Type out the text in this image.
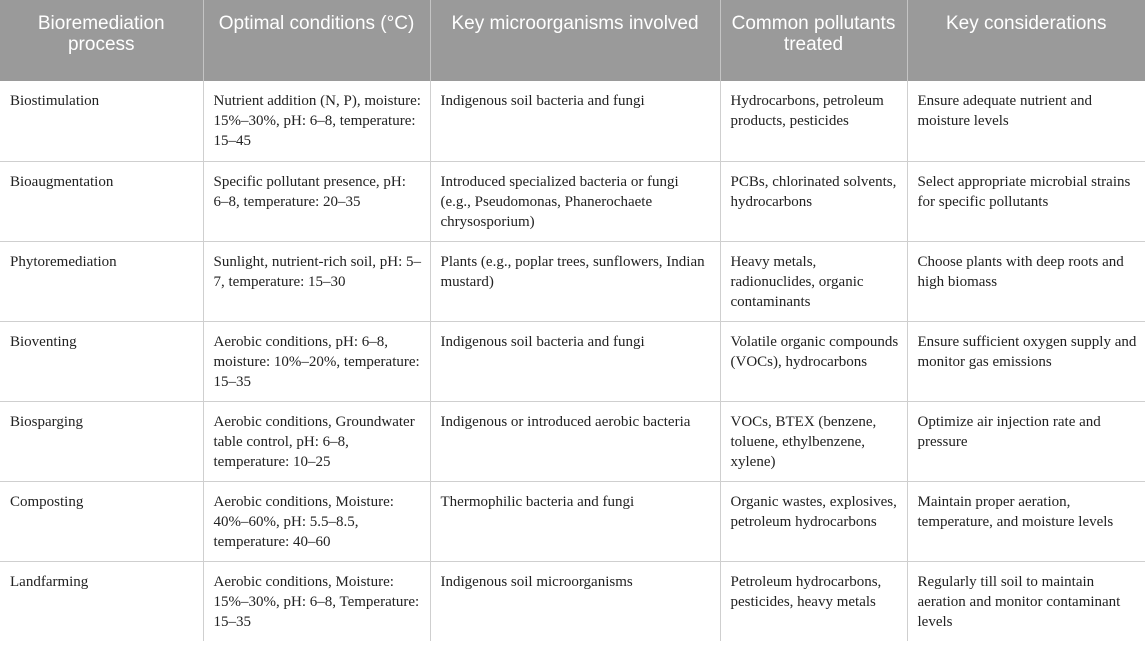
Bioremediation process	Optimal conditions (°C)	Key microorganisms involved	Common pollutants treated	Key considerations
Biostimulation	Nutrient addition (N, P), moisture: 15%–30%, pH: 6–8, temperature: 15–45	Indigenous soil bacteria and fungi	Hydrocarbons, petroleum products, pesticides	Ensure adequate nutrient and moisture levels
Bioaugmentation	Specific pollutant presence, pH: 6–8, temperature: 20–35	Introduced specialized bacteria or fungi (e.g., Pseudomonas, Phanerochaete chrysosporium)	PCBs, chlorinated solvents, hydrocarbons	Select appropriate microbial strains for specific pollutants
Phytoremediation	Sunlight, nutrient-rich soil, pH: 5–7, temperature: 15–30	Plants (e.g., poplar trees, sunflowers, Indian mustard)	Heavy metals, radionuclides, organic contaminants	Choose plants with deep roots and high biomass
Bioventing	Aerobic conditions, pH: 6–8, moisture: 10%–20%, temperature: 15–35	Indigenous soil bacteria and fungi	Volatile organic compounds (VOCs), hydrocarbons	Ensure sufficient oxygen supply and monitor gas emissions
Biosparging	Aerobic conditions, Groundwater table control, pH: 6–8, temperature: 10–25	Indigenous or introduced aerobic bacteria	VOCs, BTEX (benzene, toluene, ethylbenzene, xylene)	Optimize air injection rate and pressure
Composting	Aerobic conditions, Moisture: 40%–60%, pH: 5.5–8.5, temperature: 40–60	Thermophilic bacteria and fungi	Organic wastes, explosives, petroleum hydrocarbons	Maintain proper aeration, temperature, and moisture levels
Landfarming	Aerobic conditions, Moisture: 15%–30%, pH: 6–8, Temperature: 15–35	Indigenous soil microorganisms	Petroleum hydrocarbons, pesticides, heavy metals	Regularly till soil to maintain aeration and monitor contaminant levels
